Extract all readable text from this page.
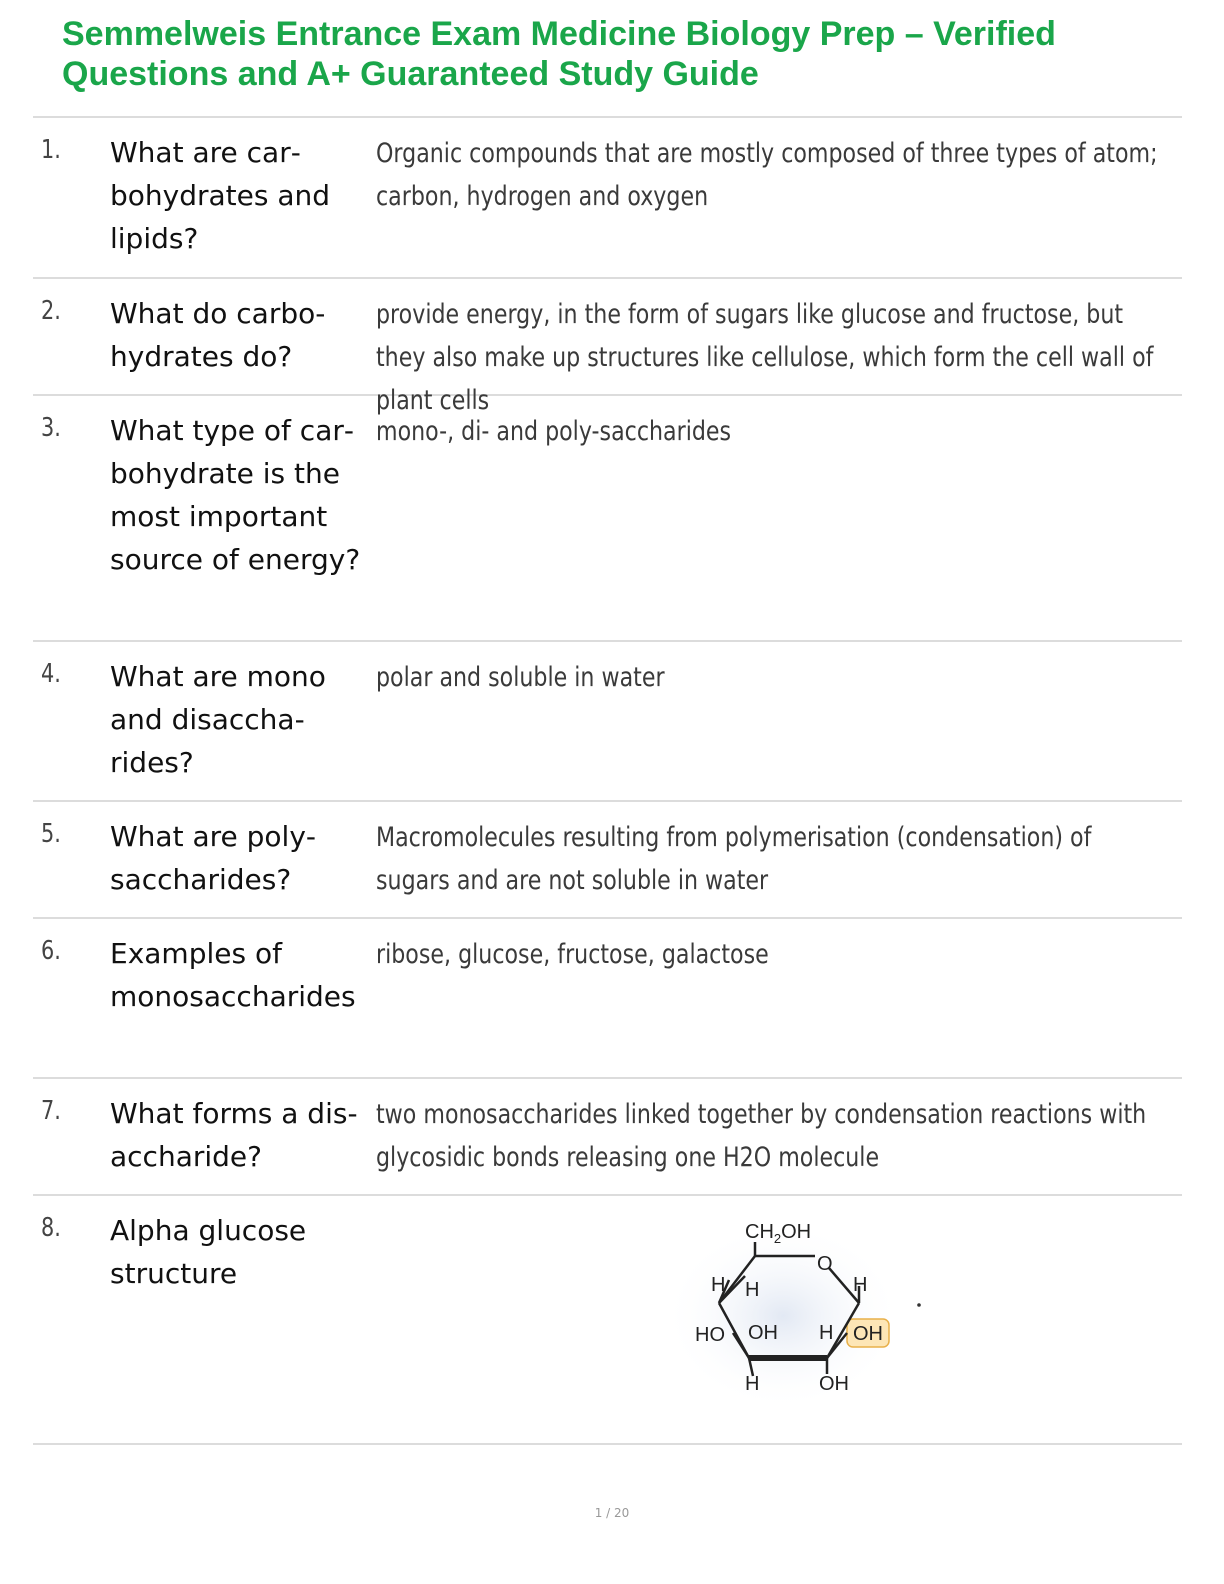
Semmelweis Entrance Exam Medicine Biology Prep – Verified Questions and A+ Guaranteed Study Guide
1. What are carbohydrates and lipids?
Organic compounds that are mostly composed of three types of atom; carbon, hydrogen and oxygen
2. What do carbohydrates do?
provide energy, in the form of sugars like glucose and fructose, but they also make up structures like cellulose, which form the cell wall of plant cells
3. What type of carbohydrate is the most important source of energy?
mono-, di- and poly-saccharides
4. What are mono and disaccharides?
polar and soluble in water
5. What are polysaccharides?
Macromolecules resulting from polymerisation (condensation) of sugars and are not soluble in water
6. Examples of monosaccharides
ribose, glucose, fructose, galactose
7. What forms a disaccharide?
two monosaccharides linked together by condensation reactions with glycosidic bonds releasing one H2O molecule
8. Alpha glucose structure
$CH_2OH$
O
H H	H
HO OH H OH
H	OH
1 / 20
